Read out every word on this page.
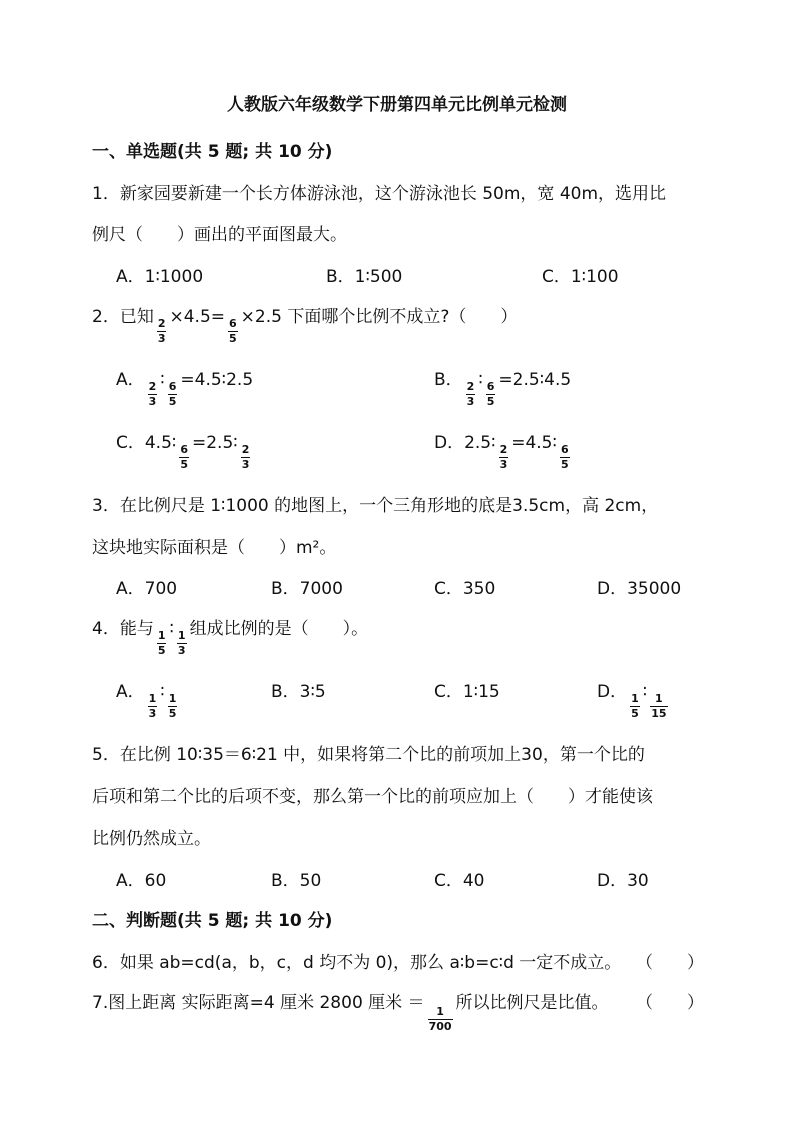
人教版六年级数学下册第四单元比例单元检测
一、单选题(共 5 题; 共 10 分)
1．新家园要新建一个长方体游泳池，这个游泳池长 50m，宽 40m，选用比
例尺（　　）画出的平面图最大。
A．1∶1000	B．1∶500	C．1∶100
2．已知
$\frac{2}{3}$
×4.5=
$\frac{6}{5}$
×2.5 下面哪个比例不成立?（　　）
A．
$\frac{2}{3}$
∶
$\frac{6}{5}$
=4.5∶2.5	B．
$\frac{2}{3}$
∶
$\frac{6}{5}$
=2.5∶4.5
C．4.5∶
$\frac{6}{5}$
=2.5∶
$\frac{2}{3}$
D．2.5∶
$\frac{2}{3}$
=4.5∶
$\frac{6}{5}$
3．在比例尺是 1∶1000 的地图上，一个三角形地的底是3.5cm，高 2cm，
这块地实际面积是（　　）m²。
A．700	B．7000	C．350	D．35000
4．能与
$\frac{1}{5}$
∶
$\frac{1}{3}$
组成比例的是（　　）。
A．
$\frac{1}{3}$
∶
$\frac{1}{5}$
B．3∶5	C．1∶15	D．
$\frac{1}{5}$
∶
$\frac{1}{15}$
5．在比例 10∶35＝6∶21 中，如果将第二个比的前项加上30，第一个比的
后项和第二个比的后项不变，那么第一个比的前项应加上（　　）才能使该
比例仍然成立。
A．60	B．50	C．40	D．30
二、判断题(共 5 题; 共 10 分)
6．如果 ab=cd(a，b，c，d 均不为 0)，那么 a∶b=c∶d 一定不成立。 （　　）
7.图上距离 实际距离=4 厘米 2800 厘米 ＝
$\frac{1}{700}$
所以比例尺是比值。 （　　）
